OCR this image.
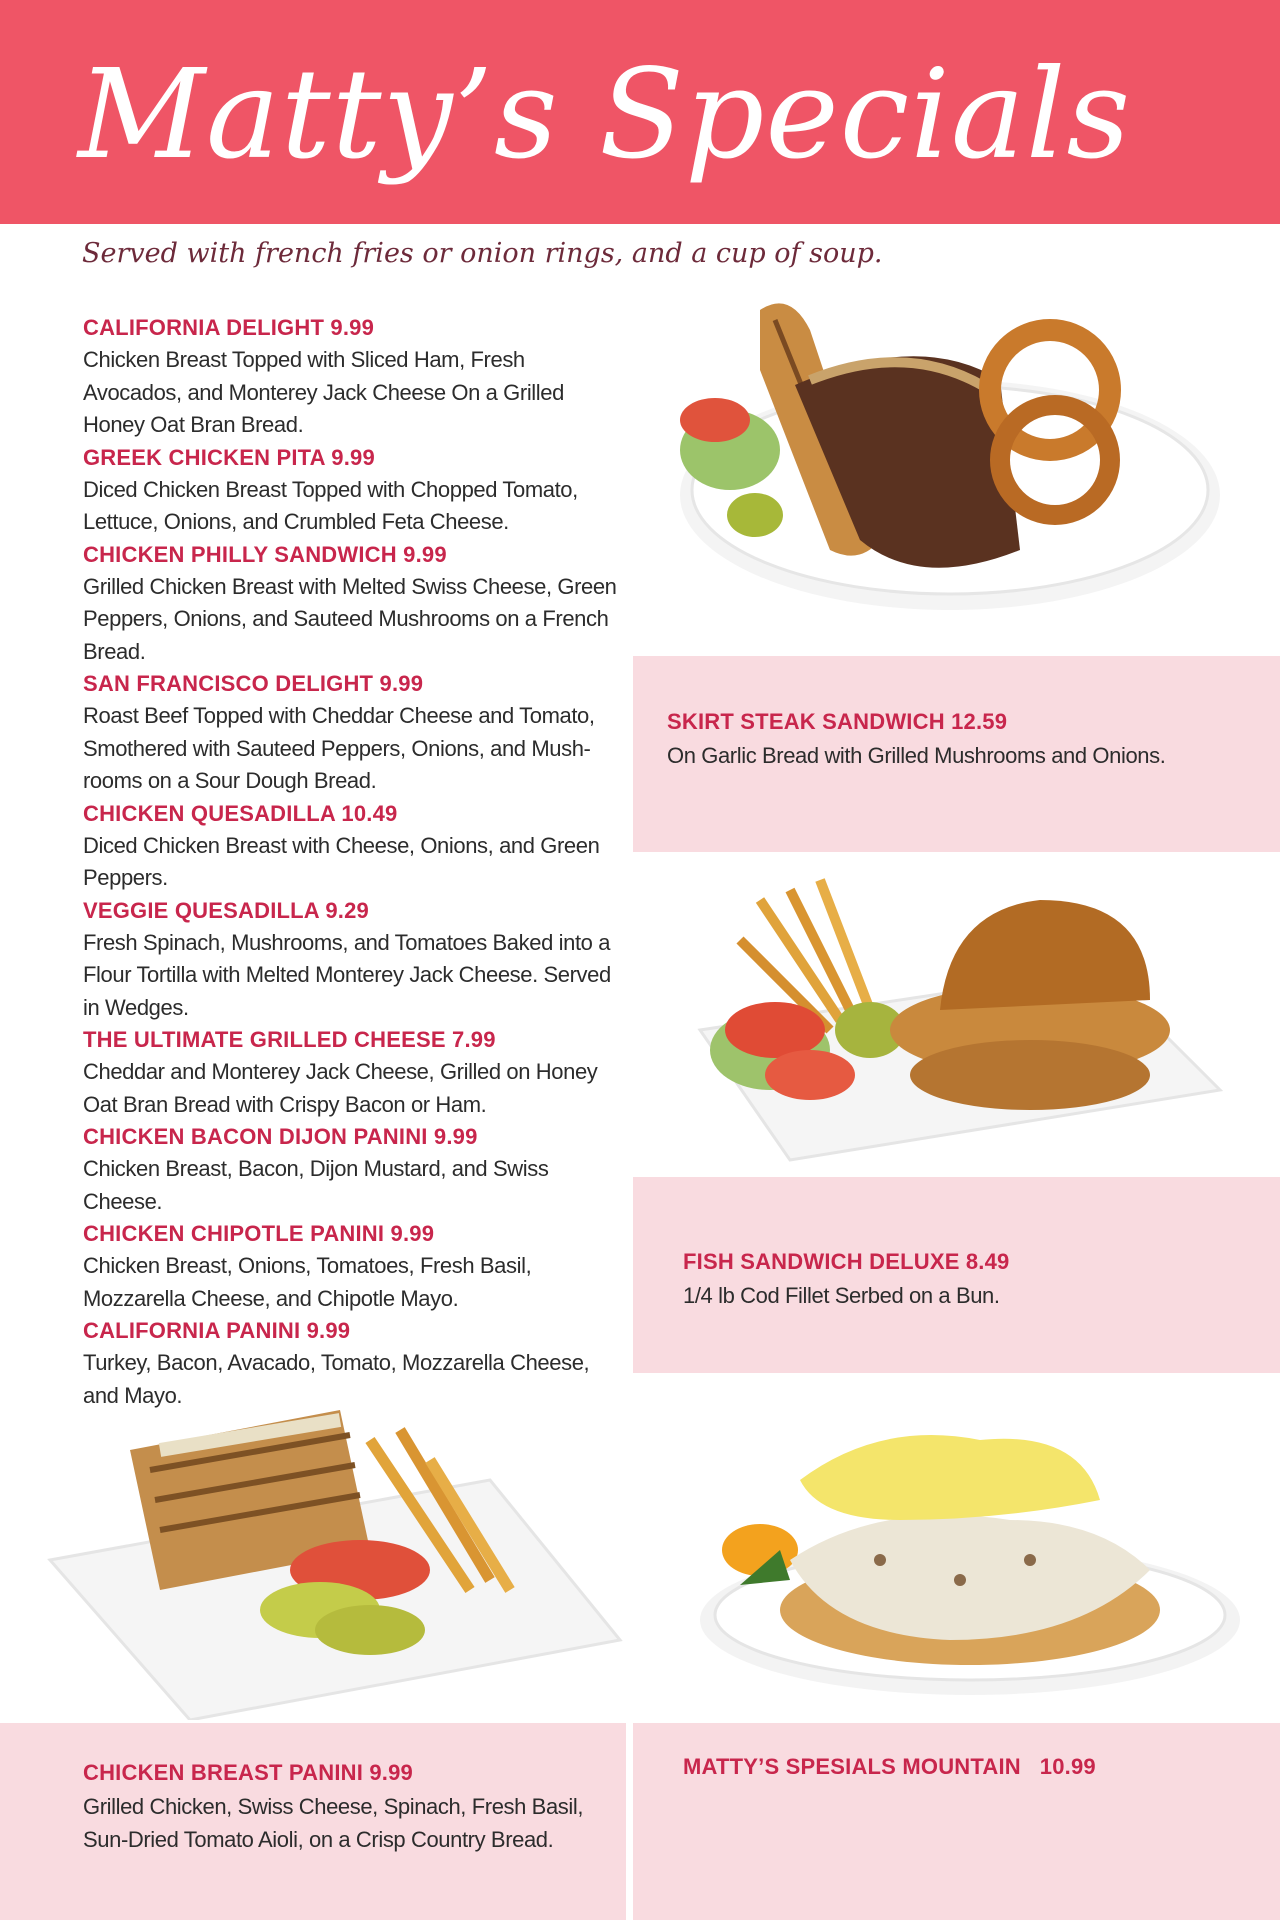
Matty’s Specials
Served with french fries or onion rings, and a cup of soup.
CALIFORNIA DELIGHT 9.99
Chicken Breast Topped with Sliced Ham, Fresh Avocados, and Monterey Jack Cheese On a Grilled Honey Oat Bran Bread.
GREEK CHICKEN PITA 9.99
Diced Chicken Breast Topped with Chopped Tomato, Lettuce, Onions, and Crumbled Feta Cheese.
CHICKEN PHILLY SANDWICH 9.99
Grilled Chicken Breast with Melted Swiss Cheese, Green Peppers, Onions, and Sauteed Mushrooms on a French Bread.
SAN FRANCISCO DELIGHT 9.99
Roast Beef Topped with Cheddar Cheese and Tomato, Smothered with Sauteed Peppers, Onions, and Mush-rooms on a Sour Dough Bread.
CHICKEN QUESADILLA 10.49
Diced Chicken Breast with Cheese, Onions, and Green Peppers.
VEGGIE QUESADILLA 9.29
Fresh Spinach, Mushrooms, and Tomatoes Baked into a Flour Tortilla with Melted Monterey Jack Cheese. Served in Wedges.
THE ULTIMATE GRILLED CHEESE 7.99
Cheddar and Monterey Jack Cheese, Grilled on Honey Oat Bran Bread with Crispy Bacon or Ham.
CHICKEN BACON DIJON PANINI 9.99
Chicken Breast, Bacon, Dijon Mustard, and Swiss Cheese.
CHICKEN CHIPOTLE PANINI 9.99
Chicken Breast, Onions, Tomatoes, Fresh Basil, Mozzarella Cheese, and Chipotle Mayo.
CALIFORNIA PANINI 9.99
Turkey, Bacon, Avacado, Tomato, Mozzarella Cheese, and Mayo.
SKIRT STEAK SANDWICH 12.59
On Garlic Bread with Grilled Mushrooms and Onions.
FISH SANDWICH DELUXE 8.49
1/4 lb Cod Fillet Serbed on a Bun.
CHICKEN BREAST PANINI 9.99
Grilled Chicken, Swiss Cheese, Spinach, Fresh Basil, Sun-Dried Tomato Aioli, on a Crisp Country Bread.
MATTY’S SPESIALS MOUNTAIN   10.99
